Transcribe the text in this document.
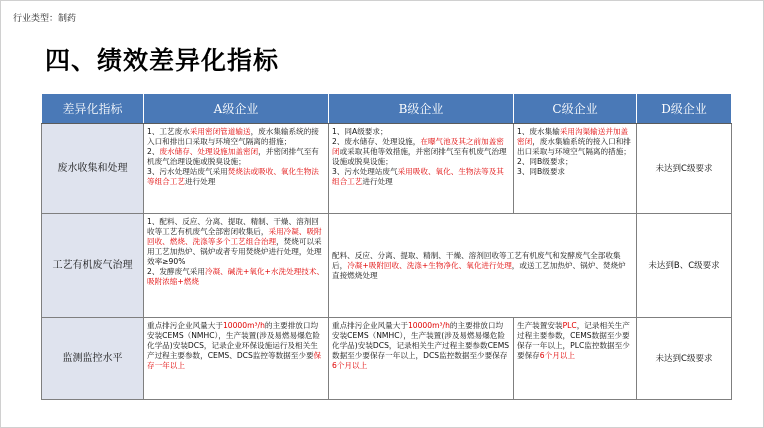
行业类型：制药
四、绩效差异化指标
差异化指标	A级企业	B级企业	C级企业	D级企业
废水收集和处理	1、工艺废水采用密闭管道输送，废水集输系统的接入口和排出口采取与环境空气隔离的措施；
2、废水储存、处理设施加盖密闭，并密闭排气至有机废气治理设施或脱臭设施；
3、污水处理站废气采用焚烧法或吸收、氧化生物法等组合工艺进行处理	1、同A级要求；
2、废水储存、处理设施，在曝气池及其之前加盖密闭或采取其他等效措施，并密闭排气至有机废气治理设施或脱臭设施；
3、污水处理站废气采用吸收、氧化、生物法等及其组合工艺进行处理	1、废水集输采用沟渠输送并加盖密闭，废水集输系统的接入口和排出口采取与环境空气隔离的措施；
2、同B级要求；
3、同B级要求	未达到C级要求
工艺有机废气治理	1、配料、反应、分离、提取、精制、干燥、溶剂回收等工艺有机废气全部密闭收集后，采用冷凝、吸附回收、燃烧、洗涤等多个工艺组合治理，焚烧可以采用工艺加热炉、锅炉或者专用焚烧炉进行处理，处理效率≥90%
2、发酵废气采用冷凝、碱洗+氧化+水洗处理技术、吸附浓缩+燃烧	配料、反应、分离、提取、精制、干燥、溶剂回收等工艺有机废气和发酵废气全部收集后，冷凝+吸附回收、洗涤+生物净化、氧化进行处理，或送工艺加热炉、锅炉、焚烧炉直接燃烧处理		未达到B、C级要求
监测监控水平	重点排污企业风量大于10000m³/h的主要排放口均安装CEMS（NMHC），生产装置(涉及易燃易爆危险化学品)安装DCS，记录企业环保设施运行及相关生产过程主要参数，CEMS、DCS监控等数据至少要保存一年以上	重点排污企业风量大于10000m³/h的主要排放口均安装CEMS（NMHC），生产装置(涉及易燃易爆危险化学品)安装DCS，记录相关生产过程主要参数CEMS数据至少要保存一年以上，DCS监控数据至少要保存6个月以上	生产装置安装PLC，记录相关生产过程主要参数，CEMS数据至少要保存一年以上，PLC监控数据至少要保存6个月以上	未达到C级要求
